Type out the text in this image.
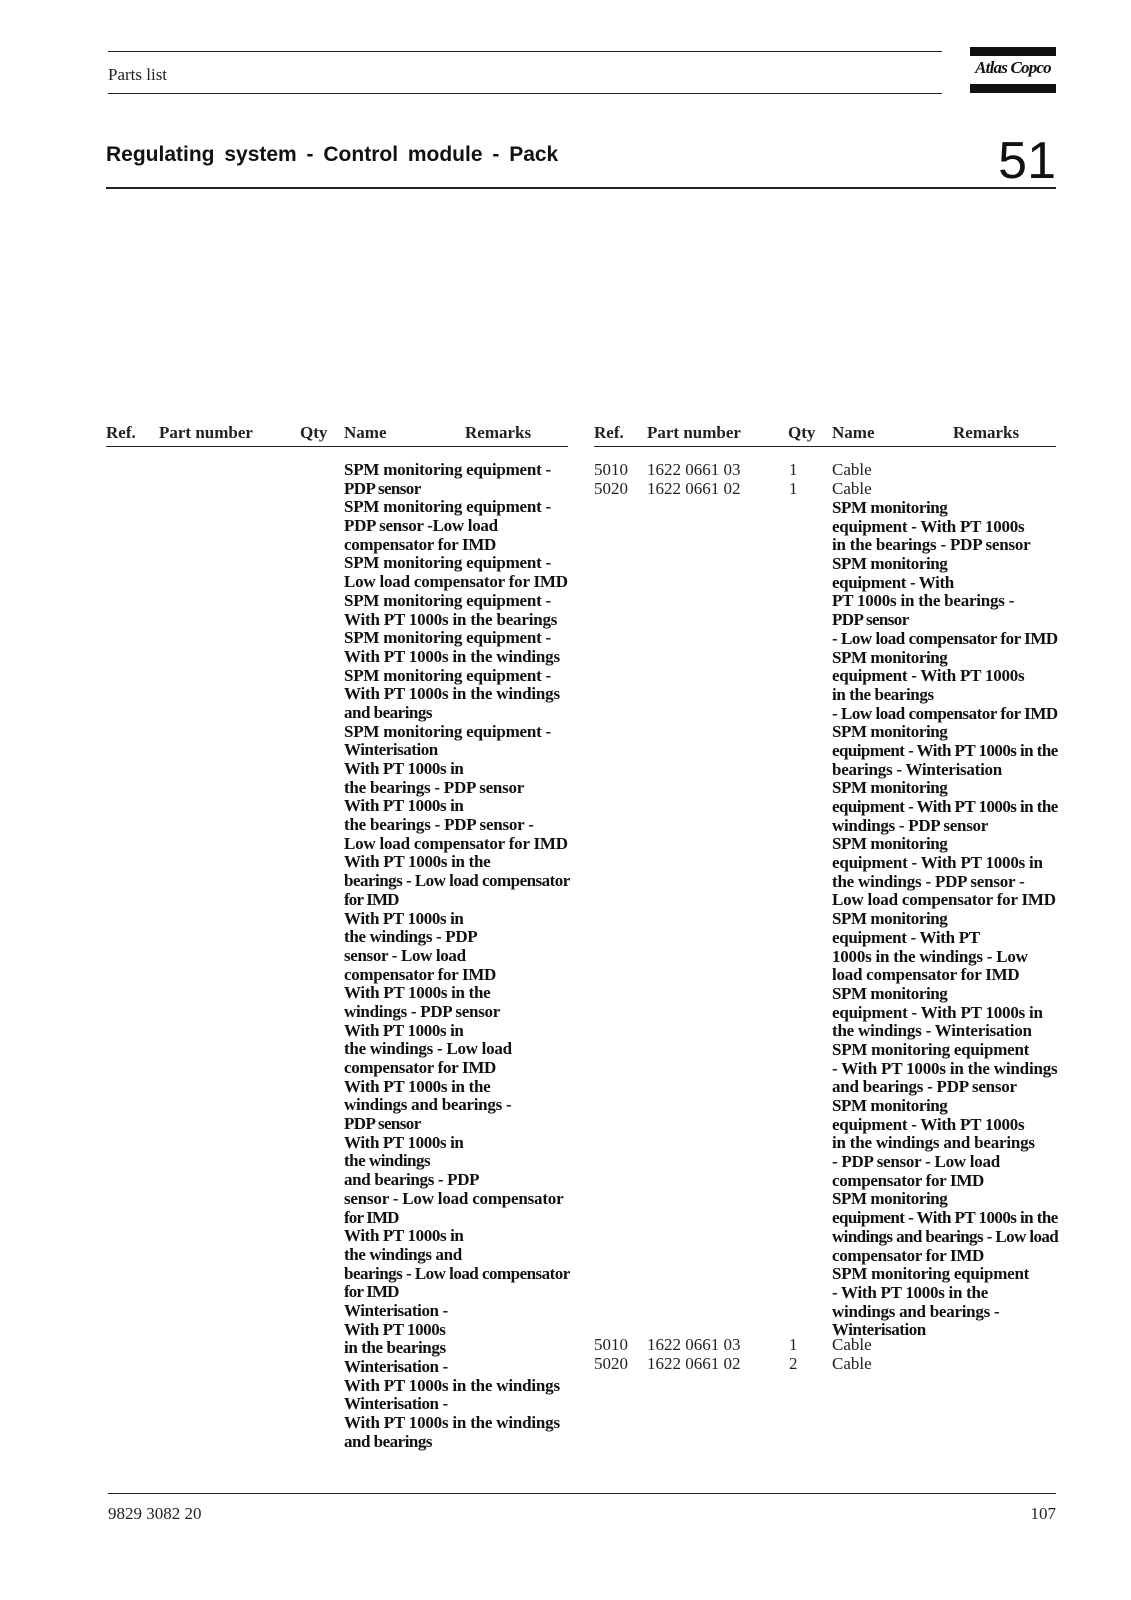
Parts list	Atlas Copco
Regulating system - Control module - Pack	51
Ref. Part number	Qty Name	Remarks	Ref. Part number	Qty Name	Remarks
SPM monitoring equipment -
PDP sensor
SPM monitoring equipment -
PDP sensor -Low load
compensator for IMD
SPM monitoring equipment -
Low load compensator for IMD
SPM monitoring equipment -
With PT 1000s in the bearings
SPM monitoring equipment -
With PT 1000s in the windings
SPM monitoring equipment -
With PT 1000s in the windings
and bearings
SPM monitoring equipment -
Winterisation
With PT 1000s in
the bearings - PDP sensor
With PT 1000s in
the bearings - PDP sensor -
Low load compensator for IMD
With PT 1000s in the
bearings - Low load compensator
for IMD
With PT 1000s in
the windings - PDP
sensor - Low load
compensator for IMD
With PT 1000s in the
windings - PDP sensor
With PT 1000s in
the windings - Low load
compensator for IMD
With PT 1000s in the
windings and bearings -
PDP sensor
With PT 1000s in
the windings
and bearings - PDP
sensor - Low load compensator
for IMD
With PT 1000s in
the windings and
bearings - Low load compensator
for IMD
Winterisation -
With PT 1000s
in the bearings
Winterisation -
With PT 1000s in the windings
Winterisation -
With PT 1000s in the windings
and bearings
5010 1622 0661 03	1 Cable
5020 1622 0661 02	1 Cable
SPM monitoring
equipment - With PT 1000s
in the bearings - PDP sensor
SPM monitoring
equipment - With
PT 1000s in the bearings -
PDP sensor
- Low load compensator for IMD
SPM monitoring
equipment - With PT 1000s
in the bearings
- Low load compensator for IMD
SPM monitoring
equipment - With PT 1000s in the
bearings - Winterisation
SPM monitoring
equipment - With PT 1000s in the
windings - PDP sensor
SPM monitoring
equipment - With PT 1000s in
the windings - PDP sensor -
Low load compensator for IMD
SPM monitoring
equipment - With PT
1000s in the windings - Low
load compensator for IMD
SPM monitoring
equipment - With PT 1000s in
the windings - Winterisation
SPM monitoring equipment
- With PT 1000s in the windings
and bearings - PDP sensor
SPM monitoring
equipment - With PT 1000s
in the windings and bearings
- PDP sensor - Low load
compensator for IMD
SPM monitoring
equipment - With PT 1000s in the
windings and bearings - Low load
compensator for IMD
SPM monitoring equipment
- With PT 1000s in the
windings and bearings -
Winterisation
5010 1622 0661 03	1 Cable
5020 1622 0661 02	2 Cable
9829 3082 20	107
